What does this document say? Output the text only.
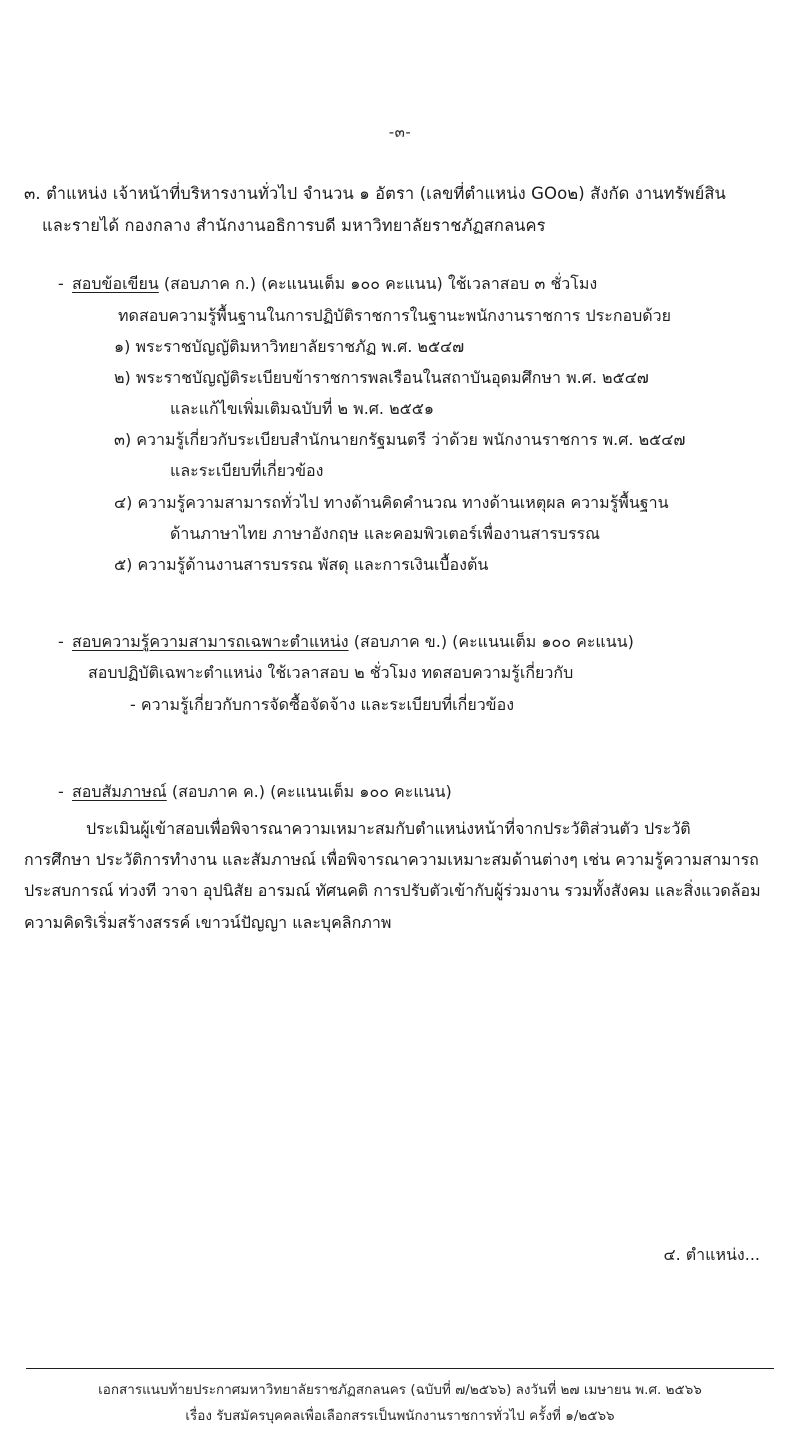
-๓-
๓. ตำแหน่ง เจ้าหน้าที่บริหารงานทั่วไป จำนวน ๑ อัตรา (เลขที่ตำแหน่ง GOo๒) สังกัด งานทรัพย์สิน
และรายได้ กองกลาง สำนักงานอธิการบดี มหาวิทยาลัยราชภัฏสกลนคร
- สอบข้อเขียน (สอบภาค ก.) (คะแนนเต็ม ๑๐๐ คะแนน) ใช้เวลาสอบ ๓ ชั่วโมง
ทดสอบความรู้พื้นฐานในการปฏิบัติราชการในฐานะพนักงานราชการ ประกอบด้วย
๑) พระราชบัญญัติมหาวิทยาลัยราชภัฏ พ.ศ. ๒๕๔๗
๒) พระราชบัญญัติระเบียบข้าราชการพลเรือนในสถาบันอุดมศึกษา พ.ศ. ๒๕๔๗
และแก้ไขเพิ่มเติมฉบับที่ ๒ พ.ศ. ๒๕๕๑
๓) ความรู้เกี่ยวกับระเบียบสำนักนายกรัฐมนตรี ว่าด้วย พนักงานราชการ พ.ศ. ๒๕๔๗
และระเบียบที่เกี่ยวข้อง
๔) ความรู้ความสามารถทั่วไป ทางด้านคิดคำนวณ ทางด้านเหตุผล ความรู้พื้นฐาน
ด้านภาษาไทย ภาษาอังกฤษ และคอมพิวเตอร์เพื่องานสารบรรณ
๕) ความรู้ด้านงานสารบรรณ พัสดุ และการเงินเบื้องต้น
- สอบความรู้ความสามารถเฉพาะตำแหน่ง (สอบภาค ข.) (คะแนนเต็ม ๑๐๐ คะแนน)
สอบปฏิบัติเฉพาะตำแหน่ง ใช้เวลาสอบ ๒ ชั่วโมง ทดสอบความรู้เกี่ยวกับ
- ความรู้เกี่ยวกับการจัดซื้อจัดจ้าง และระเบียบที่เกี่ยวข้อง
- สอบสัมภาษณ์ (สอบภาค ค.) (คะแนนเต็ม ๑๐๐ คะแนน)
ประเมินผู้เข้าสอบเพื่อพิจารณาความเหมาะสมกับตำแหน่งหน้าที่จากประวัติส่วนตัว ประวัติ
การศึกษา ประวัติการทำงาน และสัมภาษณ์ เพื่อพิจารณาความเหมาะสมด้านต่างๆ เช่น ความรู้ความสามารถ ประสบการณ์ ท่วงที วาจา อุปนิสัย อารมณ์ ทัศนคติ การปรับตัวเข้ากับผู้ร่วมงาน รวมทั้งสังคม และสิ่งแวดล้อม ความคิดริเริ่มสร้างสรรค์ เขาวน์ปัญญา และบุคลิกภาพ
๔. ตำแหน่ง...
เอกสารแนบท้ายประกาศมหาวิทยาลัยราชภัฏสกลนคร (ฉบับที่ ๗/๒๕๖๖) ลงวันที่ ๒๗ เมษายน พ.ศ. ๒๕๖๖
เรื่อง รับสมัครบุคคลเพื่อเลือกสรรเป็นพนักงานราชการทั่วไป ครั้งที่ ๑/๒๕๖๖
